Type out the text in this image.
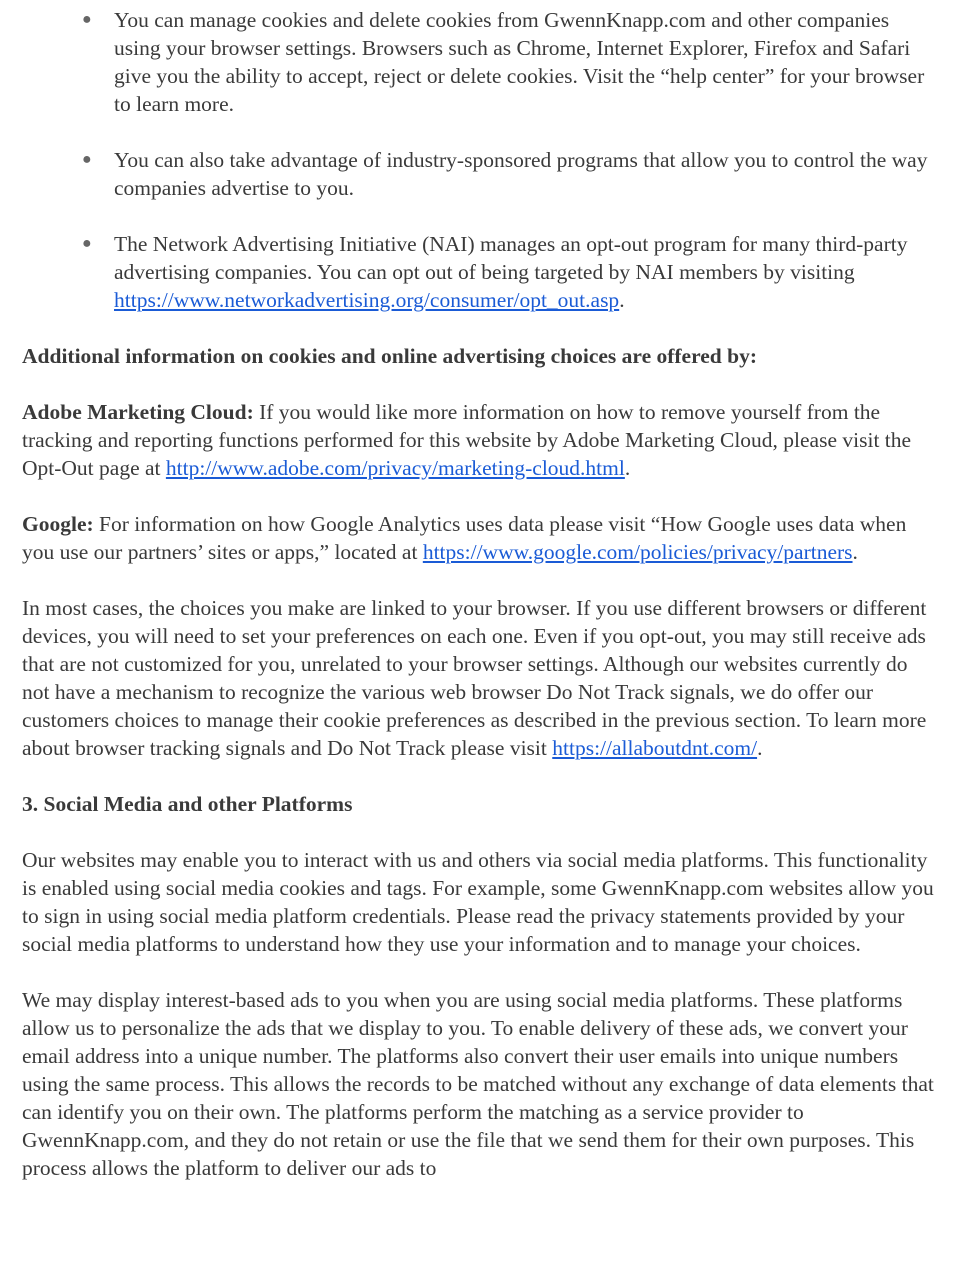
● You can manage cookies and delete cookies from GwennKnapp.com and other companies using your browser settings. Browsers such as Chrome, Internet Explorer, Firefox and Safari give you the ability to accept, reject or delete cookies. Visit the “help center” for your browser to learn more.
● You can also take advantage of industry-sponsored programs that allow you to control the way companies advertise to you.
● The Network Advertising Initiative (NAI) manages an opt-out program for many third-party advertising companies. You can opt out of being targeted by NAI members by visiting https://www.networkadvertising.org/consumer/opt_out.asp.

Additional information on cookies and online advertising choices are offered by:

Adobe Marketing Cloud: If you would like more information on how to remove yourself from the tracking and reporting functions performed for this website by Adobe Marketing Cloud, please visit the Opt-Out page at http://www.adobe.com/privacy/marketing-cloud.html.

Google: For information on how Google Analytics uses data please visit “How Google uses data when you use our partners’ sites or apps,” located at https://www.google.com/policies/privacy/partners.

In most cases, the choices you make are linked to your browser. If you use different browsers or different devices, you will need to set your preferences on each one. Even if you opt-out, you may still receive ads that are not customized for you, unrelated to your browser settings. Although our websites currently do not have a mechanism to recognize the various web browser Do Not Track signals, we do offer our customers choices to manage their cookie preferences as described in the previous section. To learn more about browser tracking signals and Do Not Track please visit https://allaboutdnt.com/.

3. Social Media and other Platforms

Our websites may enable you to interact with us and others via social media platforms. This functionality is enabled using social media cookies and tags. For example, some GwennKnapp.com websites allow you to sign in using social media platform credentials. Please read the privacy statements provided by your social media platforms to understand how they use your information and to manage your choices.

We may display interest-based ads to you when you are using social media platforms. These platforms allow us to personalize the ads that we display to you. To enable delivery of these ads, we convert your email address into a unique number. The platforms also convert their user emails into unique numbers using the same process. This allows the records to be matched without any exchange of data elements that can identify you on their own. The platforms perform the matching as a service provider to GwennKnapp.com, and they do not retain or use the file that we send them for their own purposes. This process allows the platform to deliver our ads to
